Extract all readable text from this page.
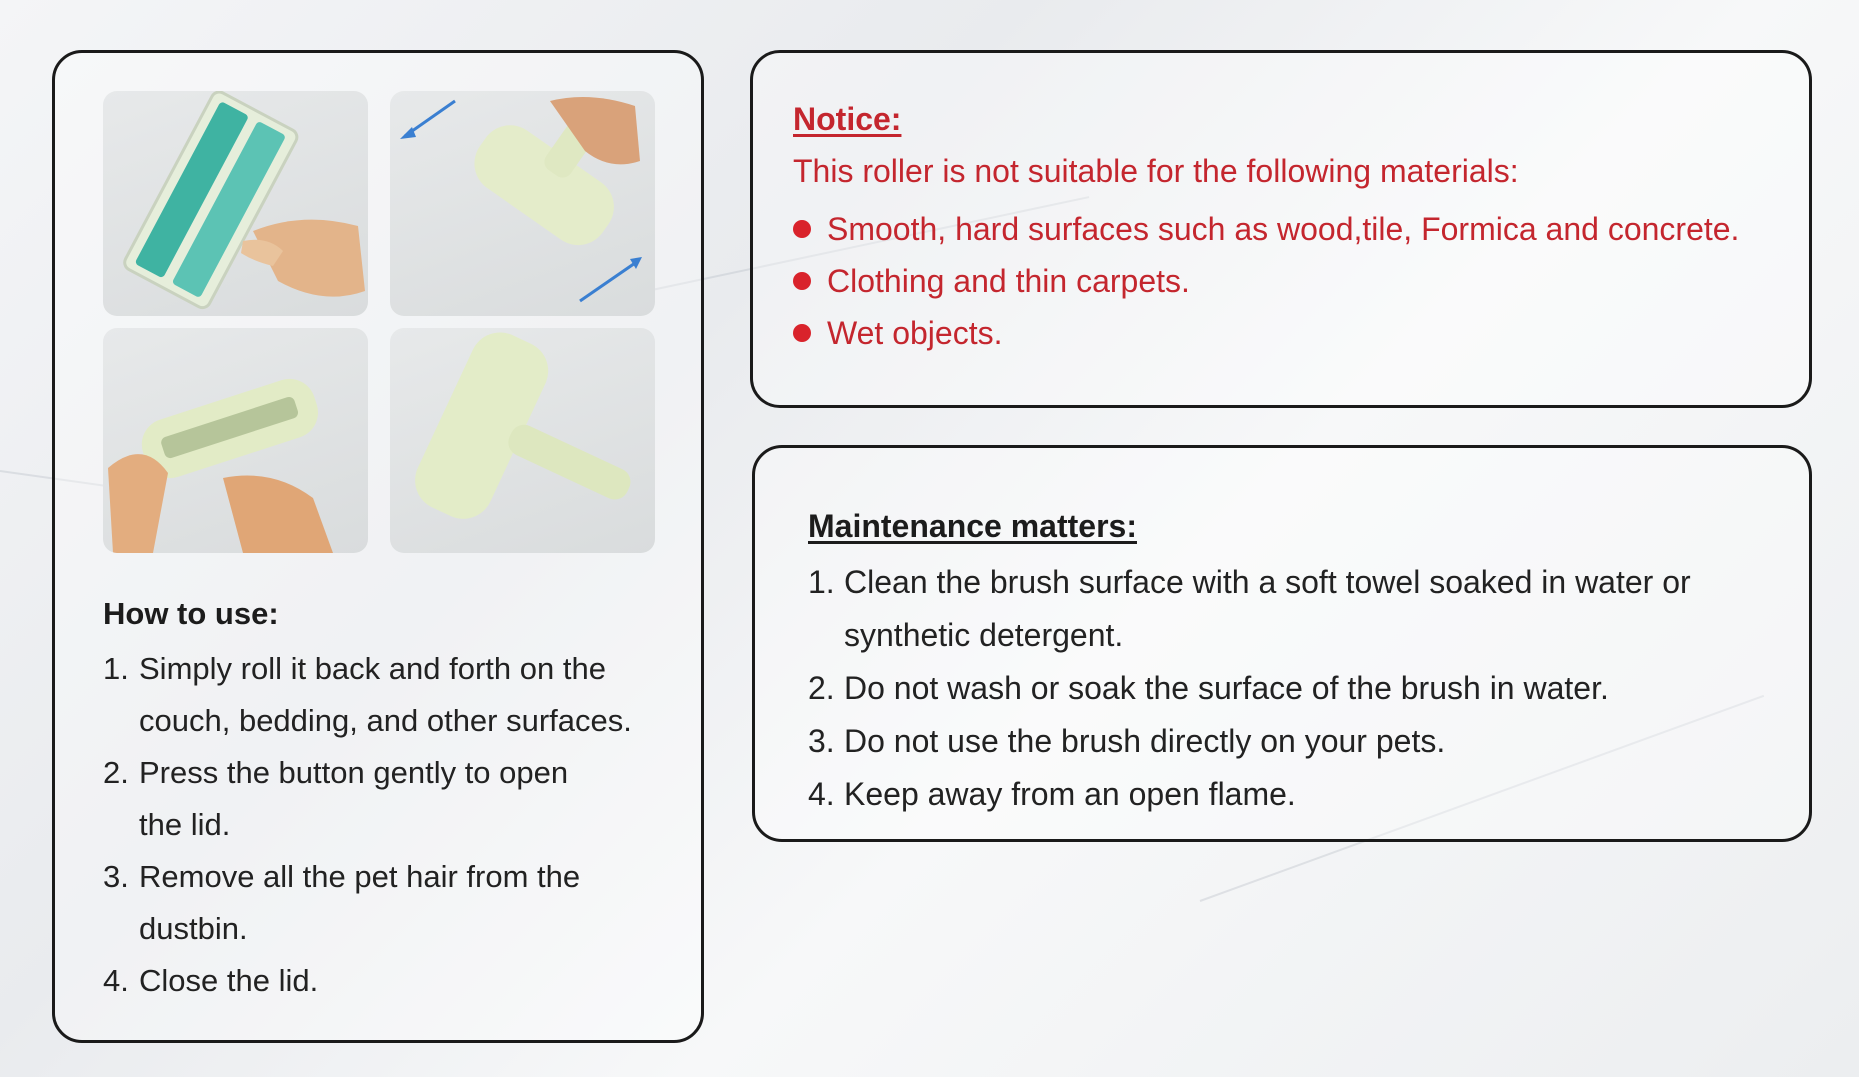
How to use:
1. Simply roll it back and forth on the
couch, bedding, and other surfaces.
2. Press the button gently to open
the lid.
3. Remove all the pet hair from the
dustbin.
4. Close the lid.
Notice:
This roller is not suitable for the following materials:
Smooth, hard surfaces such as wood,tile, Formica and concrete.
Clothing and thin carpets.
Wet objects.
Maintenance matters:
1. Clean the brush surface with a soft towel soaked in water or
synthetic detergent.
2. Do not wash or soak the surface of the brush in water.
3. Do not use the brush directly on your pets.
4. Keep away from an open flame.
